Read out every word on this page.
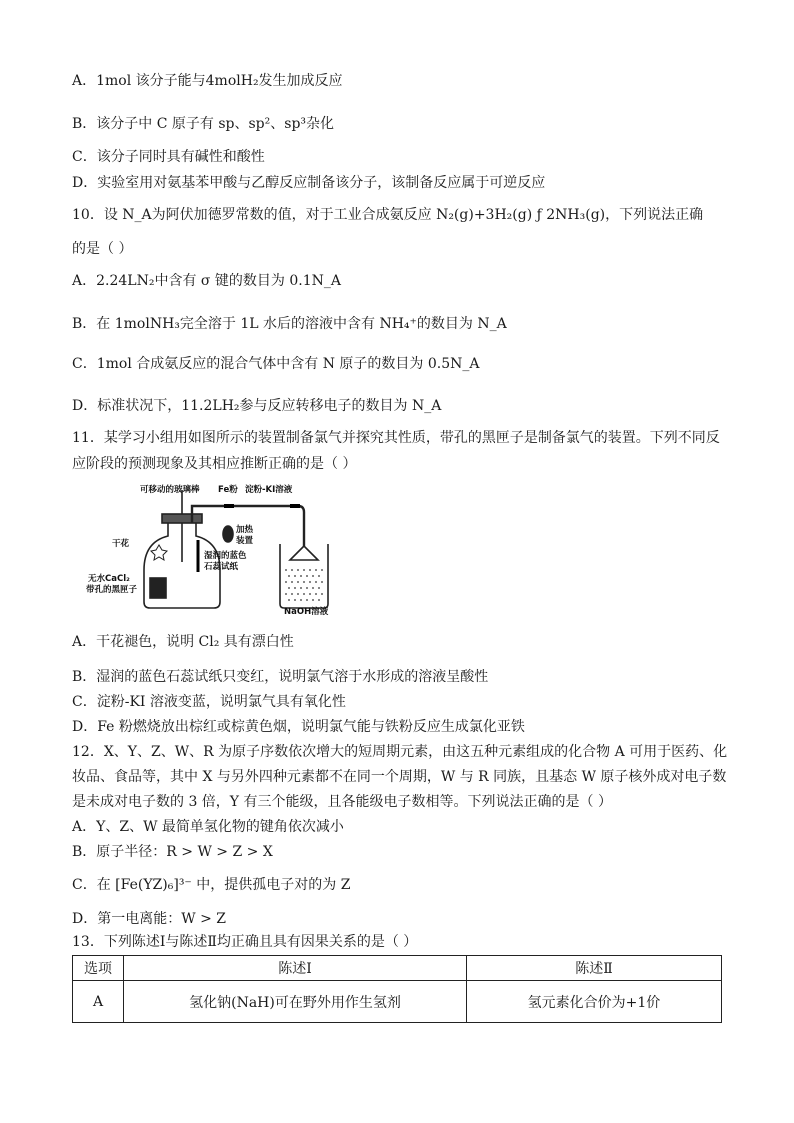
A．1mol 该分子能与4molH₂发生加成反应
B．该分子中 C 原子有 sp、sp²、sp³杂化
C．该分子同时具有碱性和酸性
D．实验室用对氨基苯甲酸与乙醇反应制备该分子，该制备反应属于可逆反应
10．设 N_A为阿伏加德罗常数的值，对于工业合成氨反应 N₂(g)+3H₂(g) ƒ 2NH₃(g)，下列说法正确
的是（ ）
A．2.24LN₂中含有 σ 键的数目为 0.1N_A
B．在 1molNH₃完全溶于 1L 水后的溶液中含有 NH₄⁺的数目为 N_A
C．1mol 合成氨反应的混合气体中含有 N 原子的数目为 0.5N_A
D．标准状况下，11.2LH₂参与反应转移电子的数目为 N_A
11．某学习小组用如图所示的装置制备氯气并探究其性质，带孔的黑匣子是制备氯气的装置。下列不同反
应阶段的预测现象及其相应推断正确的是（ ）
可移动的玻璃棒 Fe粉 淀粉-KI溶液
加热
装置
干花
湿润的蓝色
石蕊试纸
无水CaCl₂
带孔的黑匣子
NaOH溶液
A．干花褪色，说明 Cl₂ 具有漂白性
B．湿润的蓝色石蕊试纸只变红，说明氯气溶于水形成的溶液呈酸性
C．淀粉-KI 溶液变蓝，说明氯气具有氧化性
D．Fe 粉燃烧放出棕红或棕黄色烟，说明氯气能与铁粉反应生成氯化亚铁
12．X、Y、Z、W、R 为原子序数依次增大的短周期元素，由这五种元素组成的化合物 A 可用于医药、化
妆品、食品等，其中 X 与另外四种元素都不在同一个周期，W 与 R 同族，且基态 W 原子核外成对电子数
是未成对电子数的 3 倍，Y 有三个能级，且各能级电子数相等。下列说法正确的是（ ）
A．Y、Z、W 最简单氢化物的键角依次减小
B．原子半径：R > W > Z > X
C．在 [Fe(YZ)₆]³⁻ 中，提供孤电子对的为 Z
D．第一电离能：W > Z
13．下列陈述Ⅰ与陈述Ⅱ均正确且具有因果关系的是（ ）
选项	陈述Ⅰ	陈述Ⅱ
A	氢化钠(NaH)可在野外用作生氢剂	氢元素化合价为+1价
